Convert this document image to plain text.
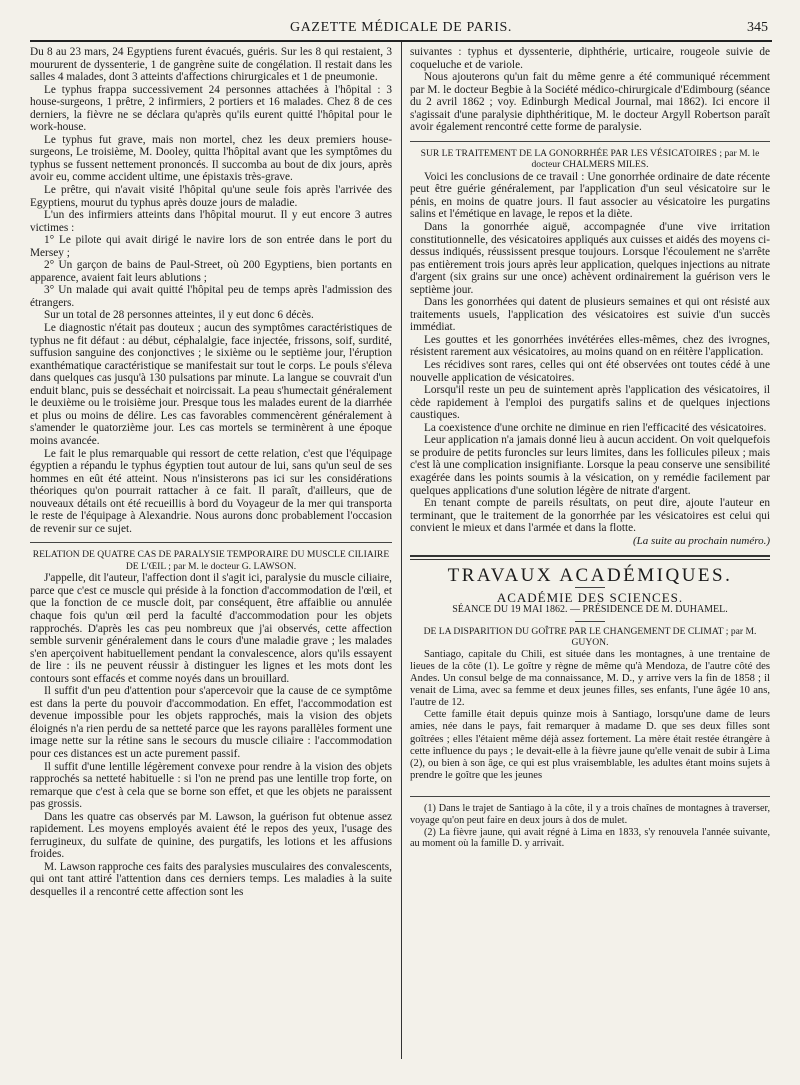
GAZETTE MÉDICALE DE PARIS.	345

Du 8 au 23 mars, 24 Egyptiens furent évacués, guéris. Sur les 8 qui restaient, 3 moururent de dyssenterie, 1 de gangrène suite de congélation. Il restait dans les salles 4 malades, dont 3 atteints d'affections chirurgicales et 1 de pneumonie.

Le typhus frappa successivement 24 personnes attachées à l'hôpital : 3 house-surgeons, 1 prêtre, 2 infirmiers, 2 portiers et 16 malades. Chez 8 de ces derniers, la fièvre ne se déclara qu'après qu'ils eurent quitté l'hôpital pour le work-house.

Le typhus fut grave, mais non mortel, chez les deux premiers house-surgeons, Le troisième, M. Dooley, quitta l'hôpital avant que les symptômes du typhus se fussent nettement prononcés. Il succomba au bout de dix jours, après avoir eu, comme accident ultime, une épistaxis très-grave.

Le prêtre, qui n'avait visité l'hôpital qu'une seule fois après l'arrivée des Egyptiens, mourut du typhus après douze jours de maladie.

L'un des infirmiers atteints dans l'hôpital mourut. Il y eut encore 3 autres victimes :

1° Le pilote qui avait dirigé le navire lors de son entrée dans le port du Mersey ;

2° Un garçon de bains de Paul-Street, où 200 Egyptiens, bien portants en apparence, avaient fait leurs ablutions ;

3° Un malade qui avait quitté l'hôpital peu de temps après l'admission des étrangers.

Sur un total de 28 personnes atteintes, il y eut donc 6 décès.

Le diagnostic n'était pas douteux ; aucun des symptômes caractéristiques de typhus ne fit défaut : au début, céphalalgie, face injectée, frissons, soif, surdité, suffusion sanguine des conjonctives ; le sixième ou le septième jour, l'éruption exanthématique caractéristique se manifestait sur tout le corps. Le pouls s'éleva dans quelques cas jusqu'à 130 pulsations par minute. La langue se couvrait d'un enduit blanc, puis se desséchait et noircissait. La peau s'humectait généralement le deuxième ou le troisième jour. Presque tous les malades eurent de la diarrhée et plus ou moins de délire. Les cas favorables commencèrent généralement à s'amender le quatorzième jour. Les cas mortels se terminèrent à une époque moins avancée.

Le fait le plus remarquable qui ressort de cette relation, c'est que l'équipage égyptien a répandu le typhus égyptien tout autour de lui, sans qu'un seul de ses hommes en eût été atteint. Nous n'insisterons pas ici sur les considérations théoriques qu'on pourrait rattacher à ce fait. Il paraît, d'ailleurs, que de nouveaux détails ont été recueillis à bord du Voyageur de la mer qui transporta le reste de l'équipage à Alexandrie. Nous aurons donc probablement l'occasion de revenir sur ce sujet.

RELATION DE QUATRE CAS DE PARALYSIE TEMPORAIRE DU MUSCLE CILIAIRE DE L'ŒIL ; par M. le docteur G. LAWSON.

J'appelle, dit l'auteur, l'affection dont il s'agit ici, paralysie du muscle ciliaire, parce que c'est ce muscle qui préside à la fonction d'accommodation de l'œil, et que la fonction de ce muscle doit, par conséquent, être affaiblie ou annulée chaque fois qu'un œil perd la faculté d'accommodation pour les objets rapprochés. D'après les cas peu nombreux que j'ai observés, cette affection semble survenir généralement dans le cours d'une maladie grave ; les malades s'en aperçoivent habituellement pendant la convalescence, alors qu'ils essayent de lire : ils ne peuvent réussir à distinguer les lignes et les mots dont les contours sont effacés et comme noyés dans un brouillard.

Il suffit d'un peu d'attention pour s'apercevoir que la cause de ce symptôme est dans la perte du pouvoir d'accommodation. En effet, l'accommodation est devenue impossible pour les objets rapprochés, mais la vision des objets éloignés n'a rien perdu de sa netteté parce que les rayons parallèles forment une image nette sur la rétine sans le secours du muscle ciliaire : l'accommodation pour ces distances est un acte purement passif.

Il suffit d'une lentille légèrement convexe pour rendre à la vision des objets rapprochés sa netteté habituelle : si l'on ne prend pas une lentille trop forte, on remarque que c'est à cela que se borne son effet, et que les objets ne paraissent pas grossis.

Dans les quatre cas observés par M. Lawson, la guérison fut obtenue assez rapidement. Les moyens employés avaient été le repos des yeux, l'usage des ferrugineux, du sulfate de quinine, des purgatifs, les lotions et les affusions froides.

M. Lawson rapproche ces faits des paralysies musculaires des convalescents, qui ont tant attiré l'attention dans ces derniers temps. Les maladies à la suite desquelles il a rencontré cette affection sont les

suivantes : typhus et dyssenterie, diphthérie, urticaire, rougeole suivie de coqueluche et de variole.

Nous ajouterons qu'un fait du même genre a été communiqué récemment par M. le docteur Begbie à la Société médico-chirurgicale d'Edimbourg (séance du 2 avril 1862 ; voy. Edinburgh Medical Journal, mai 1862). Ici encore il s'agissait d'une paralysie diphthéritique, M. le docteur Argyll Robertson paraît avoir également rencontré cette forme de paralysie.

SUR LE TRAITEMENT DE LA GONORRHÉE PAR LES VÉSICATOIRES ; par M. le docteur CHALMERS MILES.

Voici les conclusions de ce travail : Une gonorrhée ordinaire de date récente peut être guérie généralement, par l'application d'un seul vésicatoire sur le pénis, en moins de quatre jours. Il faut associer au vésicatoire les purgatins salins et l'émétique en lavage, le repos et la diète.

Dans la gonorrhée aiguë, accompagnée d'une vive irritation constitutionnelle, des vésicatoires appliqués aux cuisses et aidés des moyens ci-dessus indiqués, réussissent presque toujours. Lorsque l'écoulement ne s'arrête pas entièrement trois jours après leur application, quelques injections au nitrate d'argent (six grains sur une once) achèvent ordinairement la guérison vers le septième jour.

Dans les gonorrhées qui datent de plusieurs semaines et qui ont résisté aux traitements usuels, l'application des vésicatoires est suivie d'un succès immédiat.

Les gouttes et les gonorrhées invétérées elles-mêmes, chez des ivrognes, résistent rarement aux vésicatoires, au moins quand on en réitère l'application.

Les récidives sont rares, celles qui ont été observées ont toutes cédé à une nouvelle application de vésicatoires.

Lorsqu'il reste un peu de suintement après l'application des vésicatoires, il cède rapidement à l'emploi des purgatifs salins et de quelques injections caustiques.

La coexistence d'une orchite ne diminue en rien l'efficacité des vésicatoires.

Leur application n'a jamais donné lieu à aucun accident. On voit quelquefois se produire de petits furoncles sur leurs limites, dans les follicules pileux ; mais c'est là une complication insignifiante. Lorsque la peau conserve une sensibilité exagérée dans les points soumis à la vésication, on y remédie facilement par quelques applications d'une solution légère de nitrate d'argent.

En tenant compte de pareils résultats, on peut dire, ajoute l'auteur en terminant, que le traitement de la gonorrhée par les vésicatoires est celui qui convient le mieux et dans l'armée et dans la flotte.

(La suite au prochain numéro.)

TRAVAUX ACADÉMIQUES.

ACADÉMIE DES SCIENCES.

SÉANCE DU 19 MAI 1862. — PRÉSIDENCE DE M. DUHAMEL.

DE LA DISPARITION DU GOÎTRE PAR LE CHANGEMENT DE CLIMAT ; par M. GUYON.

Santiago, capitale du Chili, est située dans les montagnes, à une trentaine de lieues de la côte (1). Le goître y règne de même qu'à Mendoza, de l'autre côté des Andes. Un consul belge de ma connaissance, M. D., y arrive vers la fin de 1858 ; il venait de Lima, avec sa femme et deux jeunes filles, ses enfants, l'une âgée 10 ans, l'autre de 12.

Cette famille était depuis quinze mois à Santiago, lorsqu'une dame de leurs amies, née dans le pays, fait remarquer à madame D. que ses deux filles sont goîtrées ; elles l'étaient même déjà assez fortement. La mère était restée étrangère à cette influence du pays ; le devait-elle à la fièvre jaune qu'elle venait de subir à Lima (2), ou bien à son âge, ce qui est plus vraisemblable, les adultes étant moins sujets à prendre le goître que les jeunes

(1) Dans le trajet de Santiago à la côte, il y a trois chaînes de montagnes à traverser, voyage qu'on peut faire en deux jours à dos de mulet.

(2) La fièvre jaune, qui avait régné à Lima en 1833, s'y renouvela l'année suivante, au moment où la famille D. y arrivait.
